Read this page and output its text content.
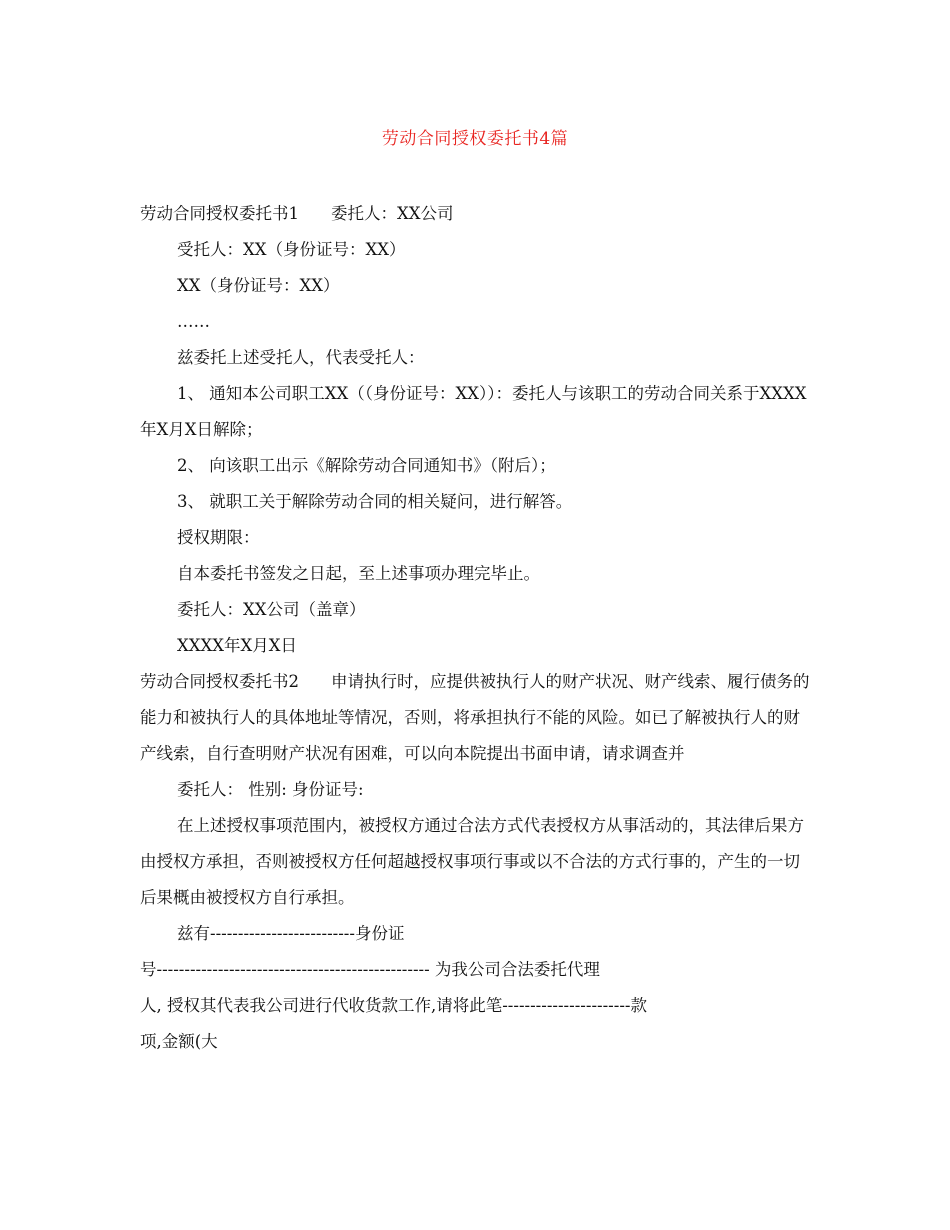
劳动合同授权委托书4篇

劳动合同授权委托书1 委托人：XX公司

受托人：XX（身份证号：XX）

XX（身份证号：XX）

……

兹委托上述受托人，代表受托人：

1、 通知本公司职工XX（（身份证号：XX））：委托人与该职工的劳动合同关系于XXXX年X月X日解除；

2、 向该职工出示《解除劳动合同通知书》（附后）；

3、 就职工关于解除劳动合同的相关疑问，进行解答。

授权期限：

自本委托书签发之日起，至上述事项办理完毕止。

委托人：XX公司（盖章）

XXXX年X月X日

劳动合同授权委托书2 申请执行时，应提供被执行人的财产状况、财产线索、履行债务的能力和被执行人的具体地址等情况，否则，将承担执行不能的风险。如已了解被执行人的财产线索，自行查明财产状况有困难，可以向本院提出书面申请，请求调查并

委托人： 性别: 身份证号:

在上述授权事项范围内，被授权方通过合法方式代表授权方从事活动的，其法律后果方由授权方承担，否则被授权方任何超越授权事项行事或以不合法的方式行事的，产生的一切后果概由被授权方自行承担。

兹有--------------------------身份证

号------------------------------------------------- 为我公司合法委托代理

人, 授权其代表我公司进行代收货款工作,请将此笔-----------------------款

项,金额(大
